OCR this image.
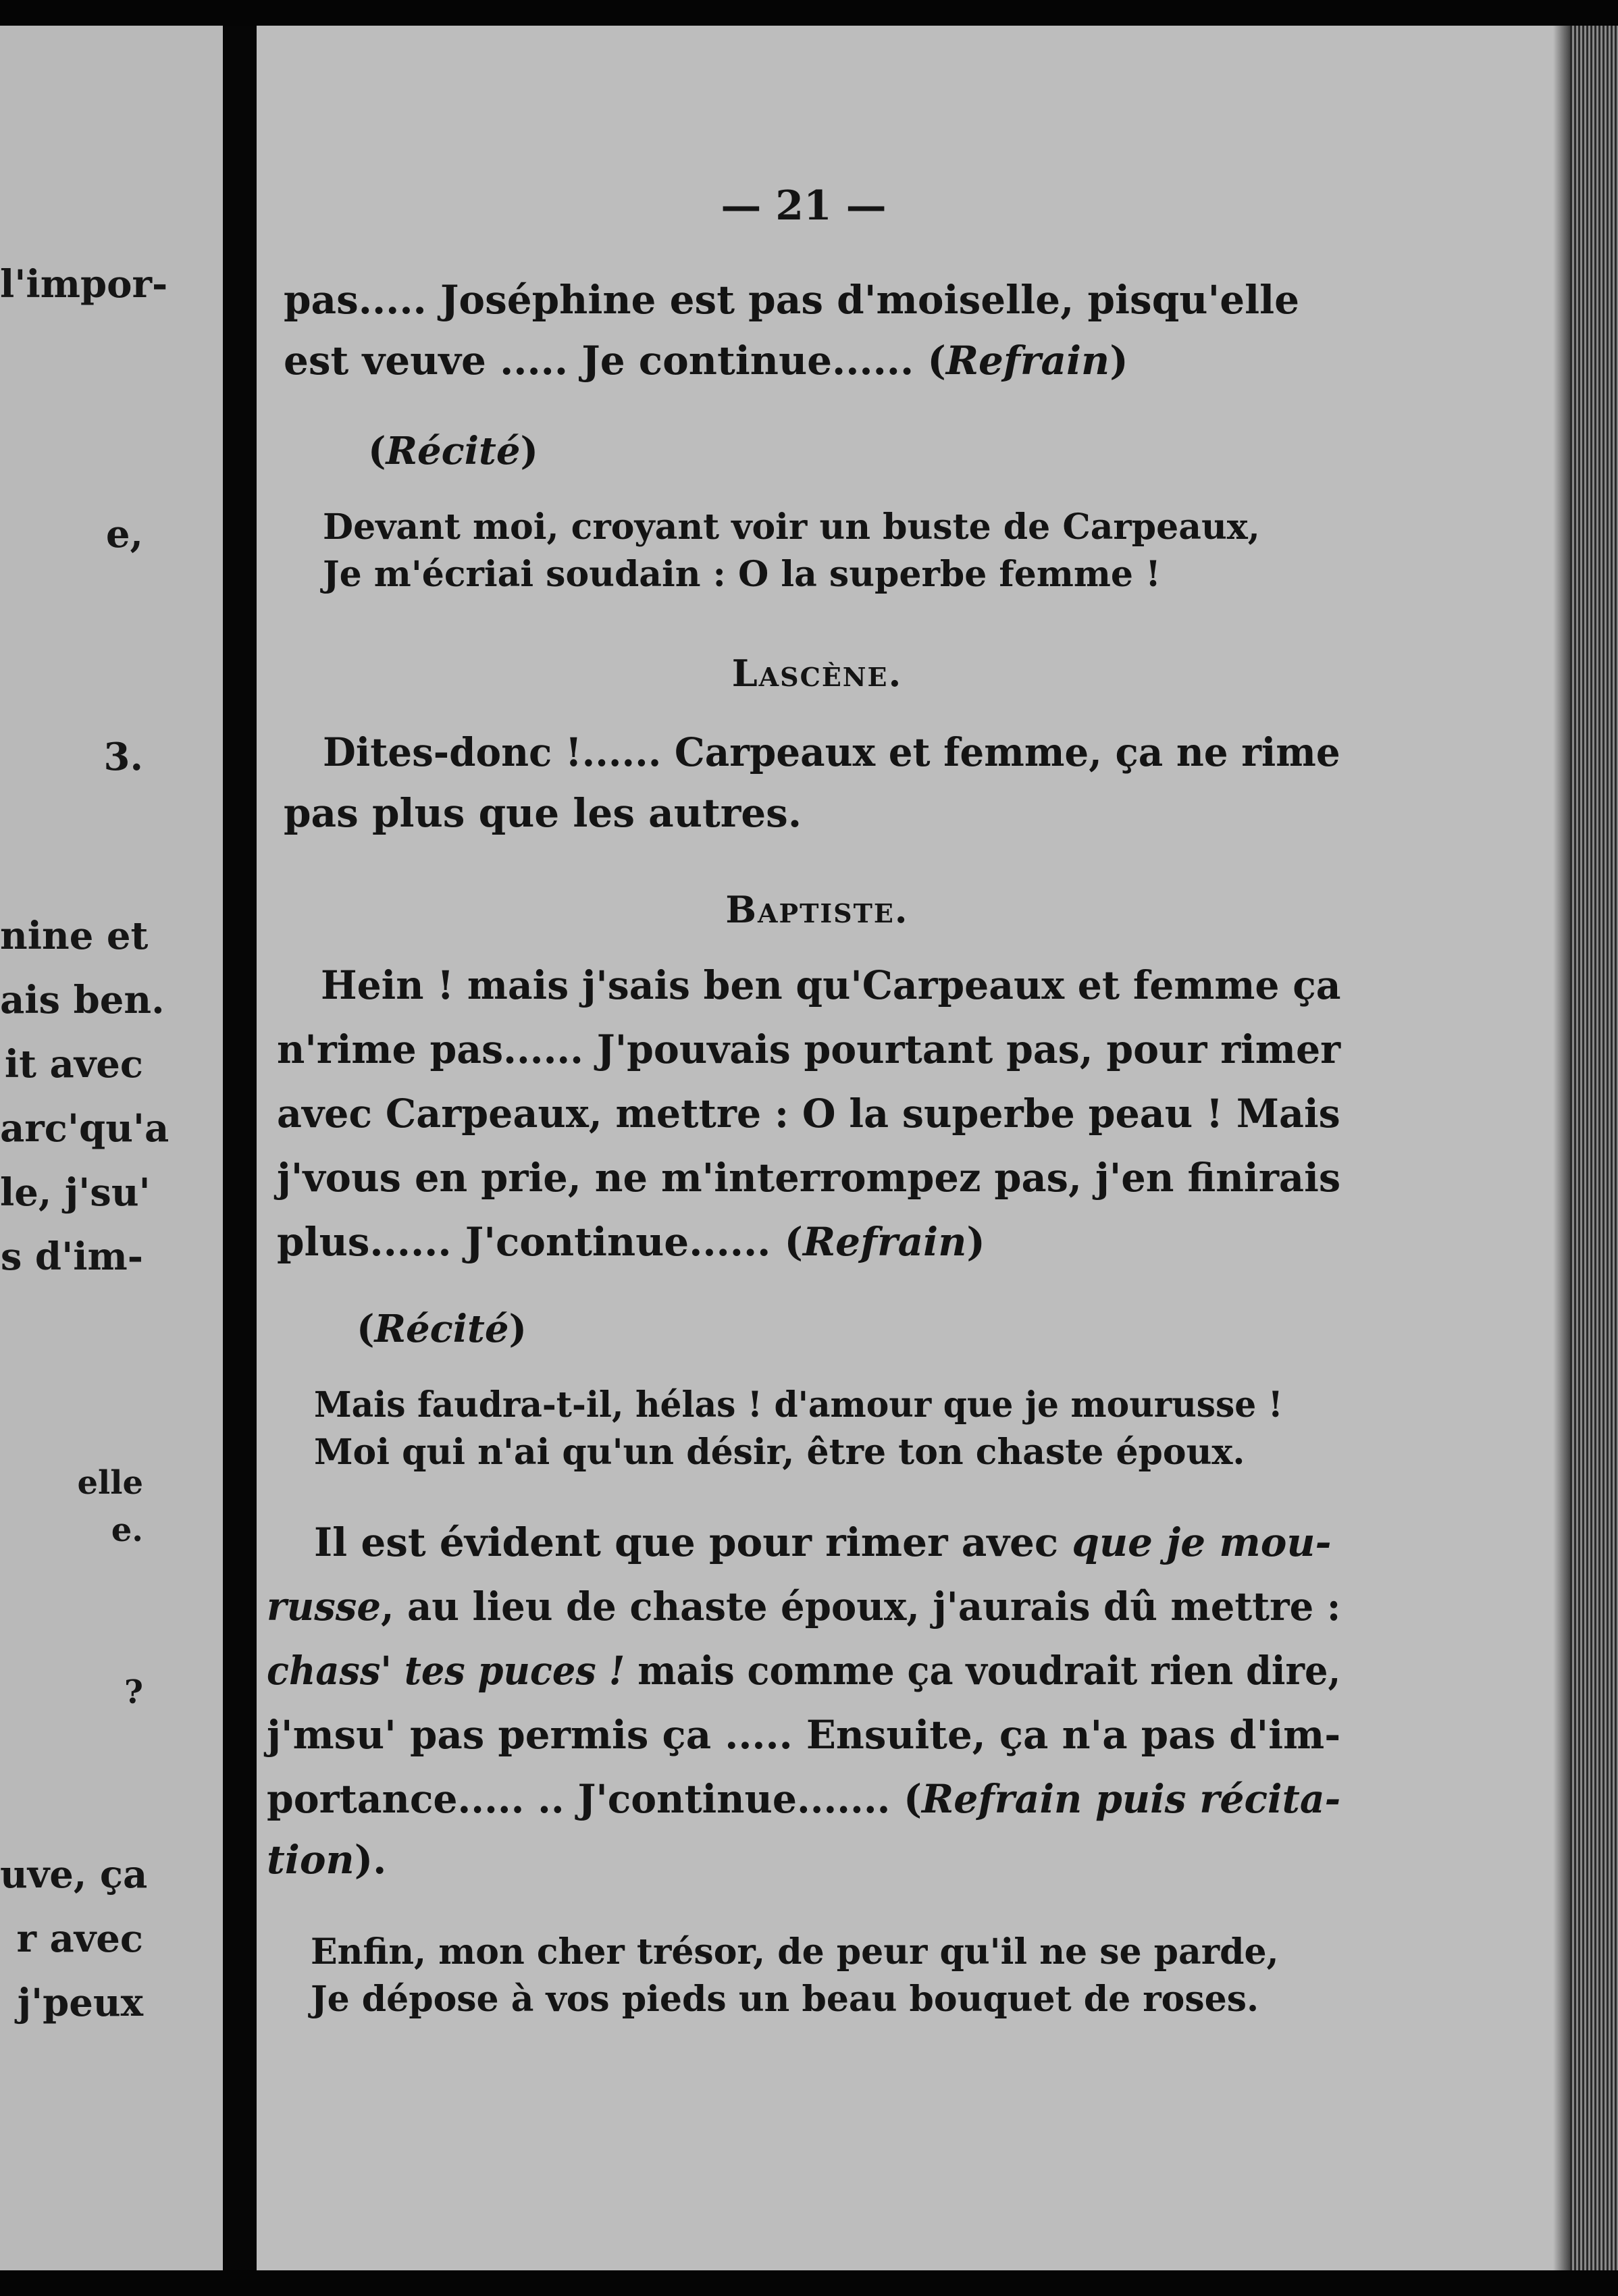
l'impor-
e,
3.
nine et
ais ben.
it avec
arc'qu'a
le, j'su'
s d'im-
elle
e.
?
uve, ça
r avec
j'peux
— 21 —
pas..... Joséphine est pas d'moiselle, pisqu'elle
est veuve ..... Je continue...... (Refrain)
(Récité)
Devant moi, croyant voir un buste de Carpeaux,
Je m'écriai soudain : O la superbe femme !
Lascène.
Dites-donc !...... Carpeaux et femme, ça ne rime
pas plus que les autres.
Baptiste.
Hein ! mais j'sais ben qu'Carpeaux et femme ça
n'rime pas...... J'pouvais pourtant pas, pour rimer
avec Carpeaux, mettre : O la superbe peau ! Mais
j'vous en prie, ne m'interrompez pas, j'en finirais
plus...... J'continue...... (Refrain)
(Récité)
Mais faudra-t-il, hélas ! d'amour que je mourusse !
Moi qui n'ai qu'un désir, être ton chaste époux.
Il est évident que pour rimer avec que je mou-
russe, au lieu de chaste époux, j'aurais dû mettre :
chass' tes puces ! mais comme ça voudrait rien dire,
j'msu' pas permis ça ..... Ensuite, ça n'a pas d'im-
portance..... .. J'continue....... (Refrain puis récita-
tion).
Enfin, mon cher trésor, de peur qu'il ne se parde,
Je dépose à vos pieds un beau bouquet de roses.
